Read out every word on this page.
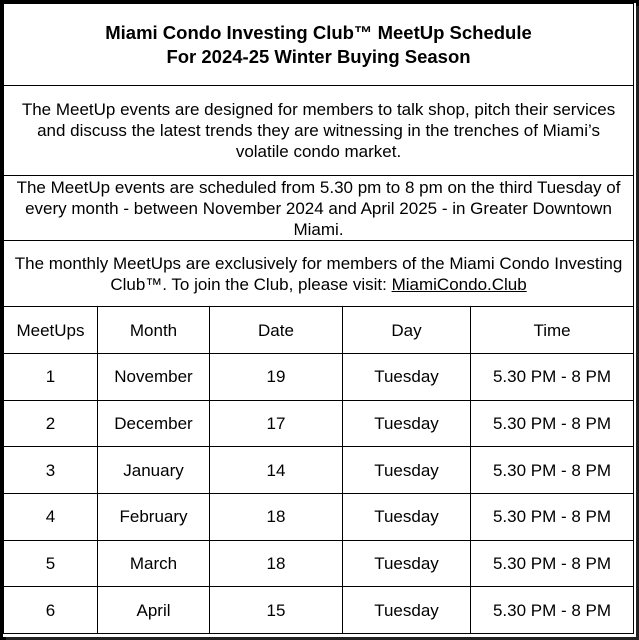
Miami Condo Investing Club™ MeetUp Schedule
For 2024-25 Winter Buying Season				

The MeetUp events are designed for members to talk shop, pitch their services and discuss the latest trends they are witnessing in the trenches of Miami’s volatile condo market.				
The MeetUp events are scheduled from 5.30 pm to 8 pm on the third Tuesday of every month - between November 2024 and April 2025 - in Greater Downtown Miami.				
The monthly MeetUps are exclusively for members of the Miami Condo Investing Club™. To join the Club, please visit: MiamiCondo.Club				
MeetUps	Month	Date	Day	Time
1	November	19	Tuesday	5.30 PM - 8 PM
2	December	17	Tuesday	5.30 PM - 8 PM
3	January	14	Tuesday	5.30 PM - 8 PM
4	February	18	Tuesday	5.30 PM - 8 PM
5	March	18	Tuesday	5.30 PM - 8 PM
6	April	15	Tuesday	5.30 PM - 8 PM
